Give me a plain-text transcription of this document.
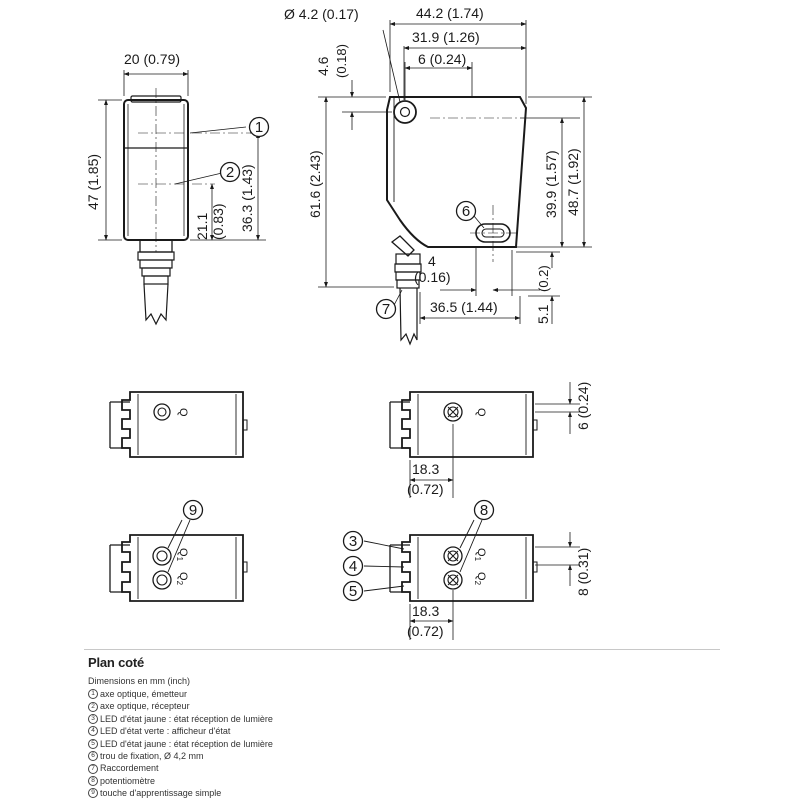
20 (0.79)
47 (1.85)	36.3 (1.43)
21.1 (0.83)
Ø 4.2 (0.17)	44.2 (1.74)
31.9 (1.26)
6 (0.24)
4.6 (0.18)
61.6 (2.43)	39.9 (1.57) 48.7 (1.92)
4
(0.16)	(0.2)
5.1
36.5 (1.44)
Q	Q	6 (0.24)
18.3
(0.72)
$Q_1$
$Q_2$
$Q_1$
$Q_2$	8 (0.31)
18.3
(0.72)
1
2
3
4
5
6
7
8
9
Plan coté
Dimensions en mm (inch)
1 axe optique, émetteur
2 axe optique, récepteur
3 LED d'état jaune : état réception de lumière
4 LED d'état verte : afficheur d'état
5 LED d'état jaune : état réception de lumière
6 trou de fixation, Ø 4,2 mm
7 Raccordement
8 potentiomètre
9 touche d'apprentissage simple
